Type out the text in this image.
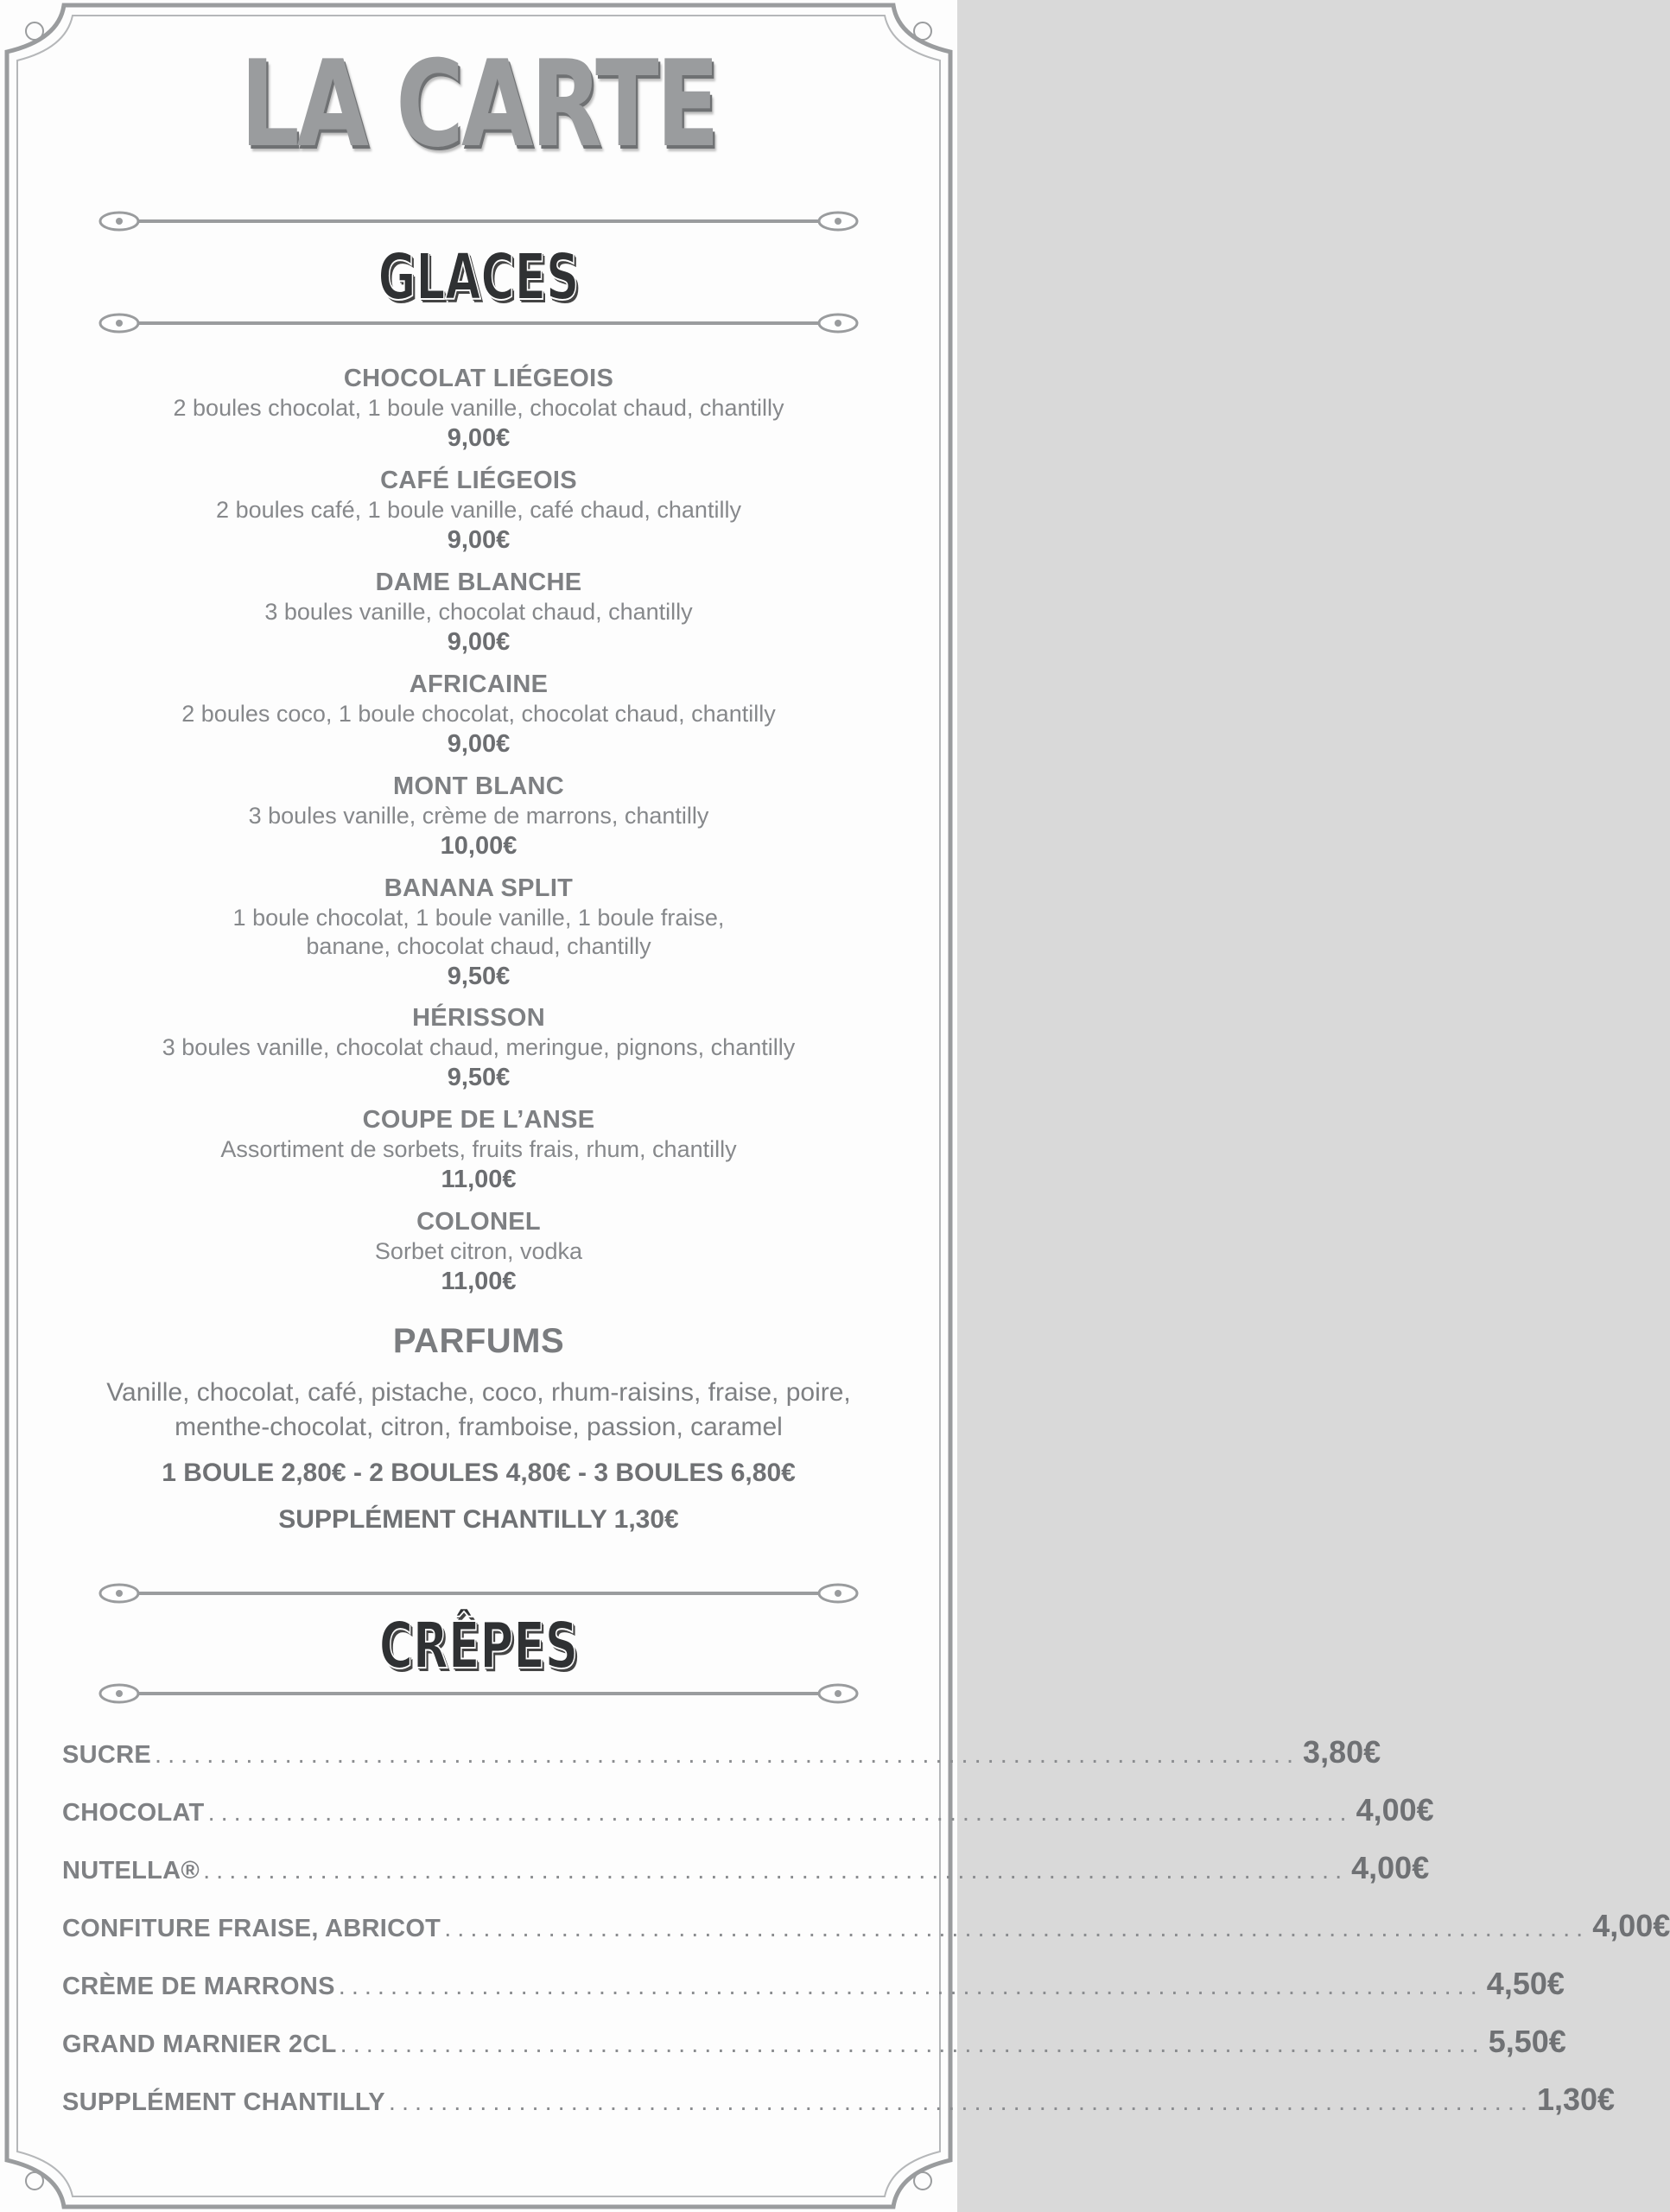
LA CARTE
GLACES
CHOCOLAT LIÉGEOIS
2 boules chocolat, 1 boule vanille, chocolat chaud, chantilly
9,00€
CAFÉ LIÉGEOIS
2 boules café, 1 boule vanille, café chaud, chantilly
9,00€
DAME BLANCHE
3 boules vanille, chocolat chaud, chantilly
9,00€
AFRICAINE
2 boules coco, 1 boule chocolat, chocolat chaud, chantilly
9,00€
MONT BLANC
3 boules vanille, crème de marrons, chantilly
10,00€
BANANA SPLIT
1 boule chocolat, 1 boule vanille, 1 boule fraise,
banane, chocolat chaud, chantilly
9,50€
HÉRISSON
3 boules vanille, chocolat chaud, meringue, pignons, chantilly
9,50€
COUPE DE L’ANSE
Assortiment de sorbets, fruits frais, rhum, chantilly
11,00€
COLONEL
Sorbet citron, vodka
11,00€
PARFUMS
Vanille, chocolat, café, pistache, coco, rhum-raisins, fraise, poire,
menthe-chocolat, citron, framboise, passion, caramel
1 BOULE 2,80€ - 2 BOULES 4,80€ - 3 BOULES 6,80€
SUPPLÉMENT CHANTILLY 1,30€
CRÊPES
SUCRE ........................................................................................ 3,80€
CHOCOLAT ........................................................................................ 4,00€
NUTELLA® ........................................................................................ 4,00€
CONFITURE FRAISE, ABRICOT ........................................................................................ 4,00€
CRÈME DE MARRONS ........................................................................................ 4,50€
GRAND MARNIER 2CL ........................................................................................ 5,50€
SUPPLÉMENT CHANTILLY ........................................................................................ 1,30€
